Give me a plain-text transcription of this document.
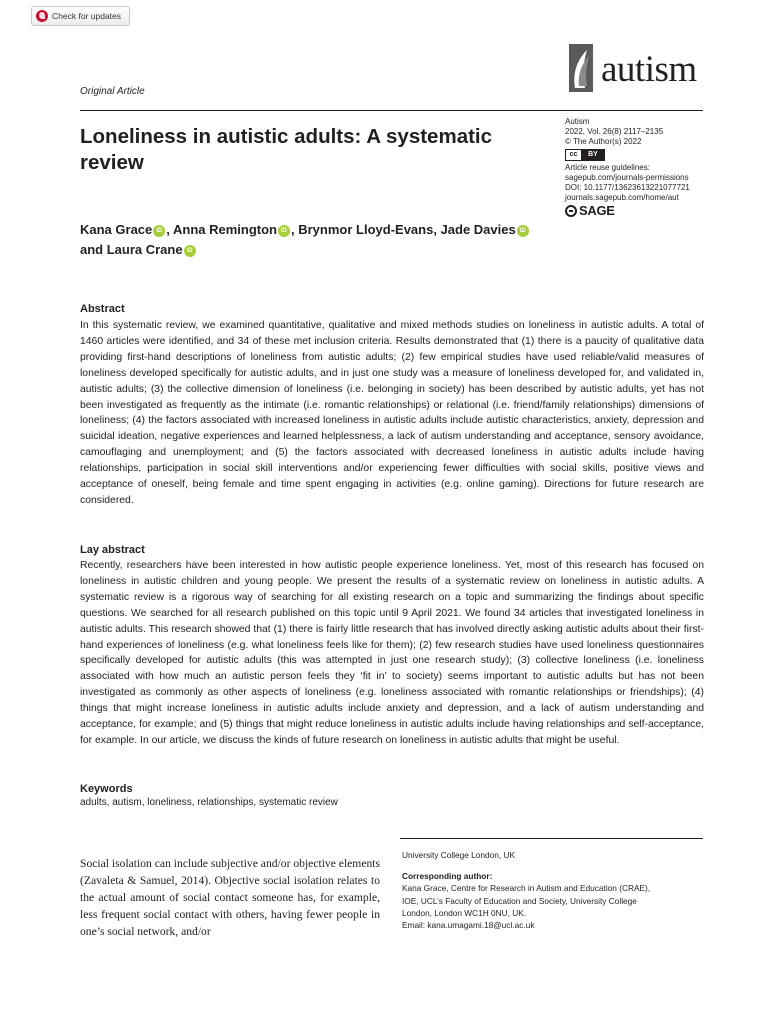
Check for updates
Original Article
autism
Autism
2022, Vol. 26(8) 2117–2135
© The Author(s) 2022
cc	BY
Article reuse guidelines:
sagepub.com/journals-permissions
DOI: 10.1177/13623613221077721
journals.sagepub.com/home/aut
SAGE
Loneliness in autistic adults: A systematic review
Kana Grace iD , Anna Remington iD , Brynmor Lloyd-Evans, Jade Davies iD and Laura Crane iD
Abstract

In this systematic review, we examined quantitative, qualitative and mixed methods studies on loneliness in autistic adults. A total of 1460 articles were identified, and 34 of these met inclusion criteria. Results demonstrated that (1) there is a paucity of qualitative data providing first-hand descriptions of loneliness from autistic adults; (2) few empirical studies have used reliable/valid measures of loneliness developed specifically for autistic adults, and in just one study was a measure of loneliness developed for, and validated in, autistic adults; (3) the collective dimension of loneliness (i.e. belonging in society) has been described by autistic adults, yet has not been investigated as frequently as the intimate (i.e. romantic relationships) or relational (i.e. friend/family relationships) dimensions of loneliness; (4) the factors associated with increased loneliness in autistic adults include autistic characteristics, anxiety, depression and suicidal ideation, negative experiences and learned helplessness, a lack of autism understanding and acceptance, sensory avoidance, camouflaging and unemployment; and (5) the factors associated with decreased loneliness in autistic adults include having relationships, participation in social skill interventions and/or experiencing fewer difficulties with social skills, positive views and acceptance of oneself, being female and time spent engaging in activities (e.g. online gaming). Directions for future research are considered.

Lay abstract

Recently, researchers have been interested in how autistic people experience loneliness. Yet, most of this research has focused on loneliness in autistic children and young people. We present the results of a systematic review on loneliness in autistic adults. A systematic review is a rigorous way of searching for all existing research on a topic and summarizing the findings about specific questions. We searched for all research published on this topic until 9 April 2021. We found 34 articles that investigated loneliness in autistic adults. This research showed that (1) there is fairly little research that has involved directly asking autistic adults about their first-hand experiences of loneliness (e.g. what loneliness feels like for them); (2) few research studies have used loneliness questionnaires specifically developed for autistic adults (this was attempted in just one research study); (3) collective loneliness (i.e. loneliness associated with how much an autistic person feels they ‘fit in’ to society) seems important to autistic adults but has not been investigated as commonly as other aspects of loneliness (e.g. loneliness associated with romantic relationships or friendships); (4) things that might increase loneliness in autistic adults include anxiety and depression, and a lack of autism understanding and acceptance, for example; and (5) things that might reduce loneliness in autistic adults include having relationships and self-acceptance, for example. In our article, we discuss the kinds of future research on loneliness in autistic adults that might be useful.

Keywords
adults, autism, loneliness, relationships, systematic review

Social isolation can include subjective and/or objective elements (Zavaleta & Samuel, 2014). Objective social isolation relates to the actual amount of social contact someone has, for example, less frequent social contact with others, having fewer people in one’s social network, and/or

University College London, UK
Corresponding author:
Kana Grace, Centre for Research in Autism and Education (CRAE),
IOE, UCL’s Faculty of Education and Society, University College
London, London WC1H 0NU, UK.
Email: kana.umagami.18@ucl.ac.uk
